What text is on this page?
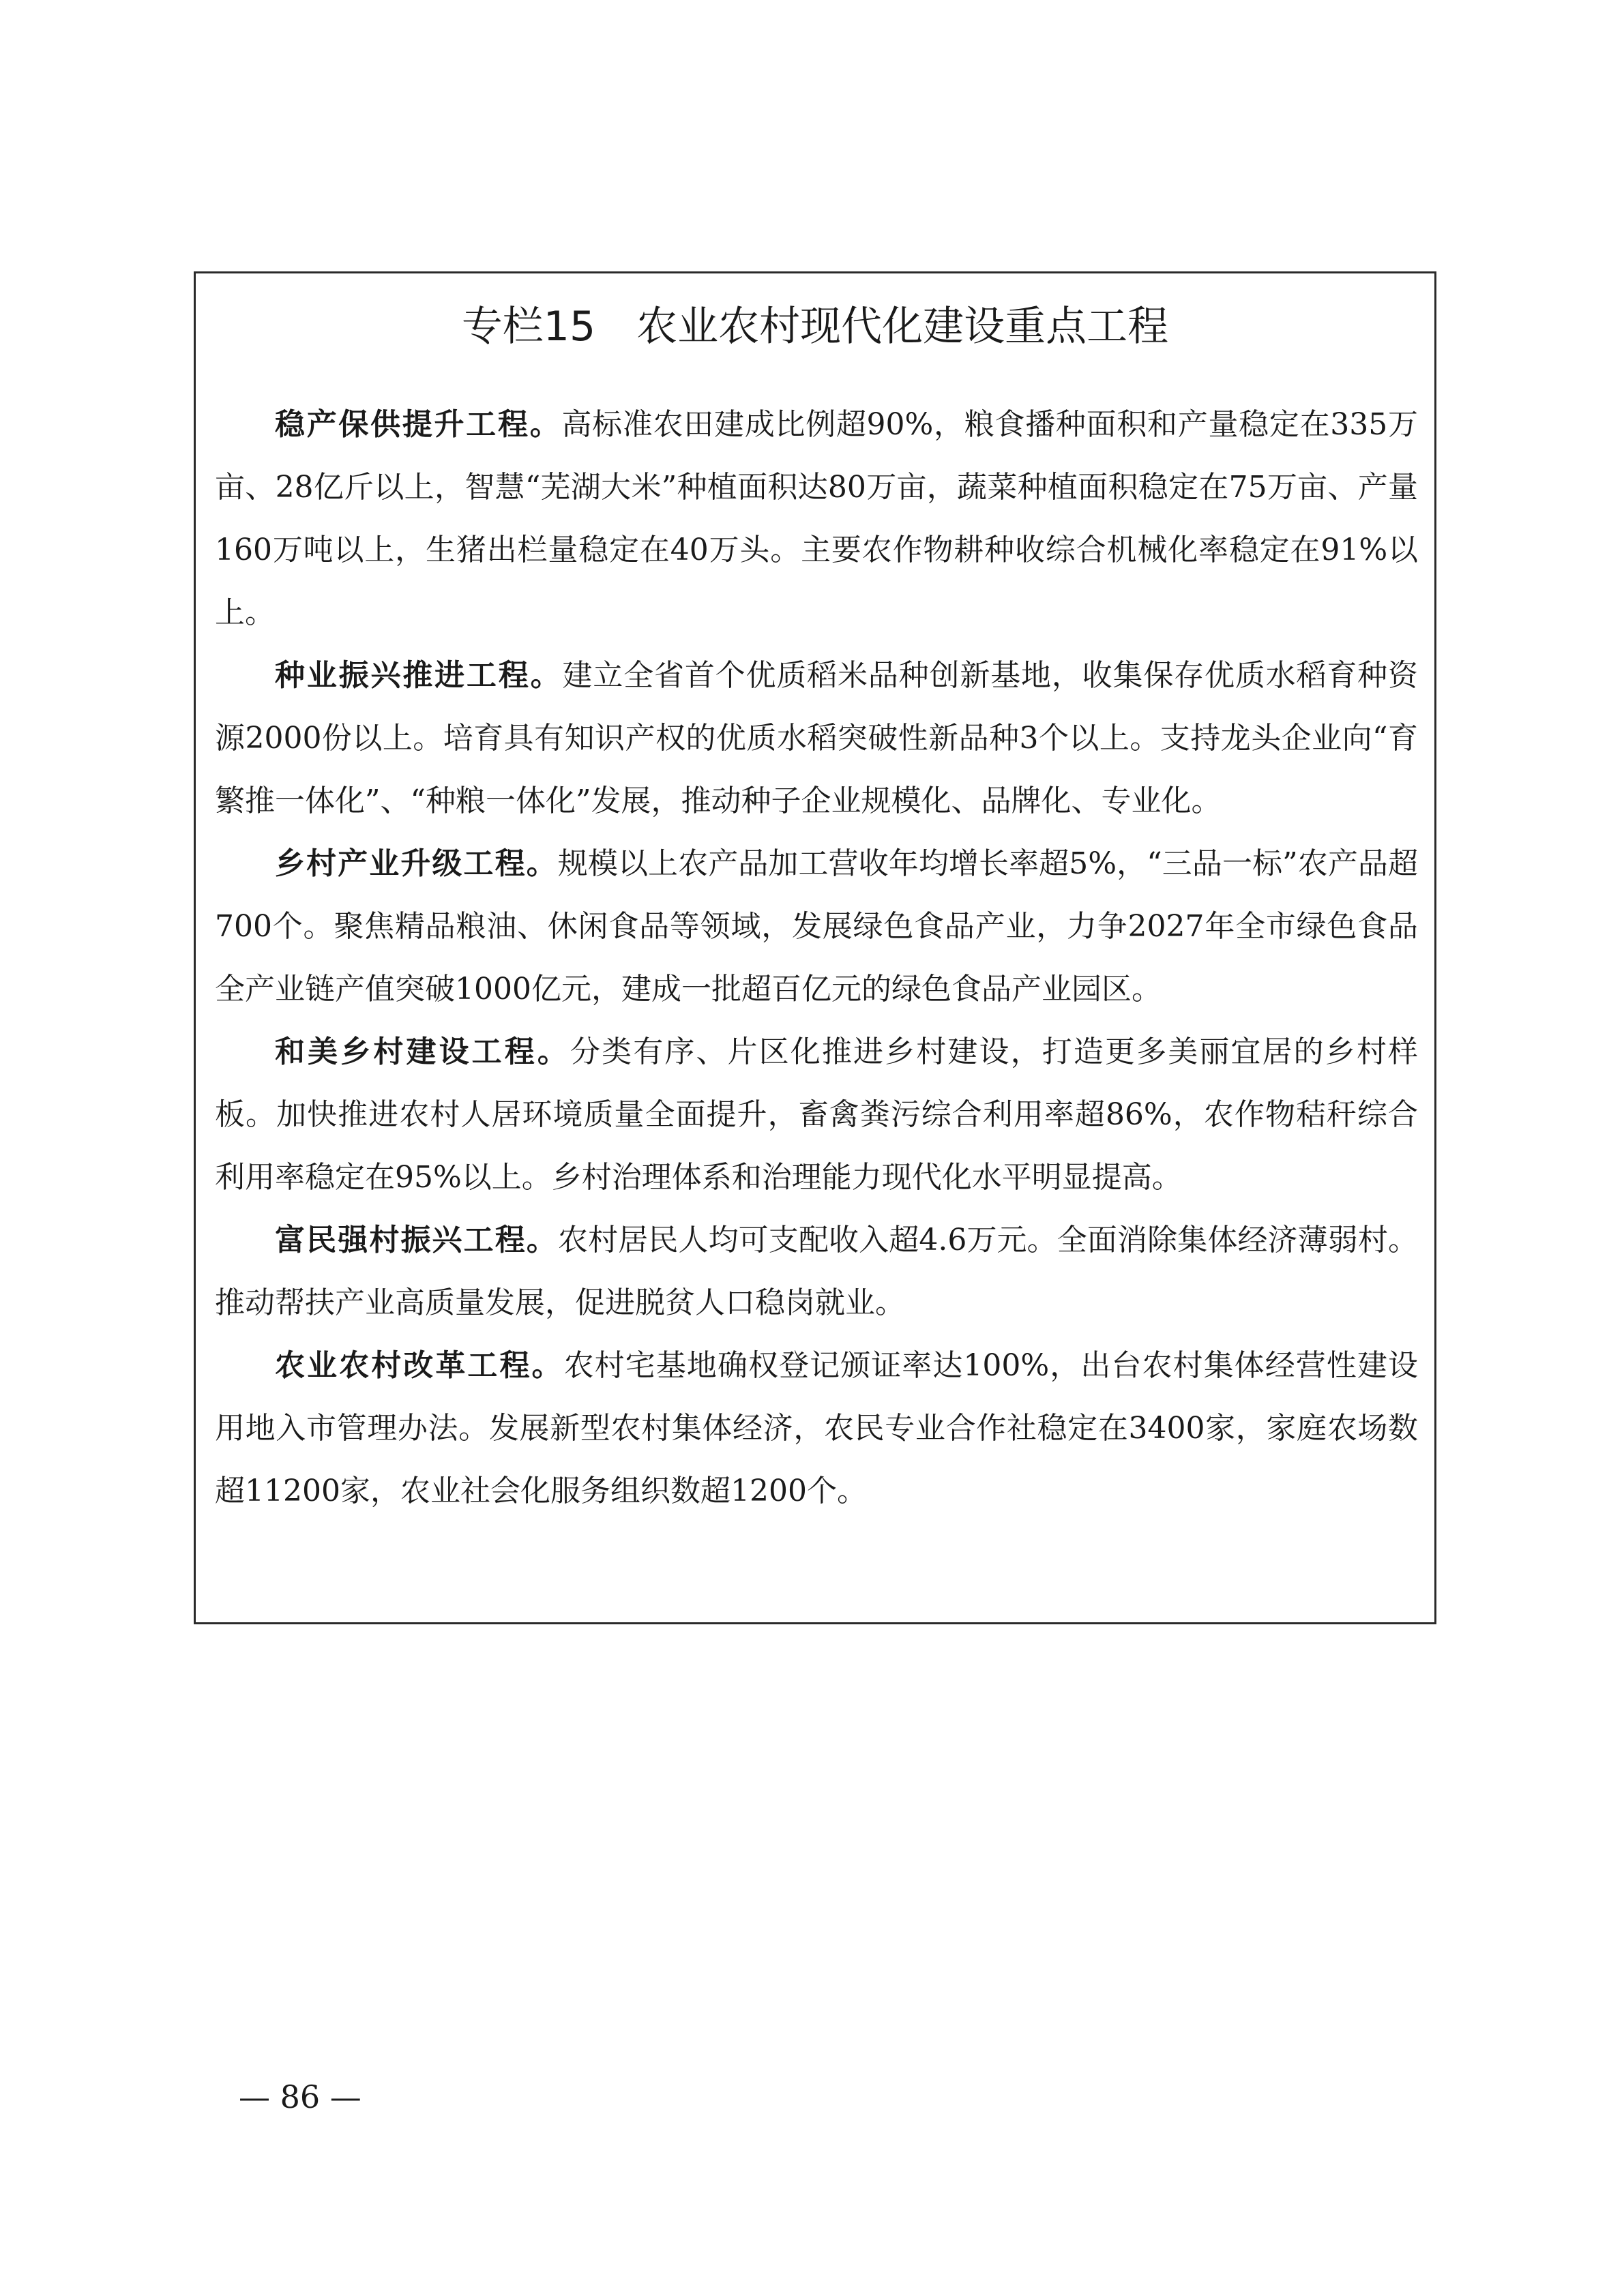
专栏15 农业农村现代化建设重点工程

稳产保供提升工程。高标准农田建成比例超90%，粮食播种面积和产量稳定在335万亩、28亿斤以上，智慧“芜湖大米”种植面积达80万亩，蔬菜种植面积稳定在75万亩、产量160万吨以上，生猪出栏量稳定在40万头。主要农作物耕种收综合机械化率稳定在91%以上。

种业振兴推进工程。建立全省首个优质稻米品种创新基地，收集保存优质水稻育种资源2000份以上。培育具有知识产权的优质水稻突破性新品种3个以上。支持龙头企业向“育繁推一体化”、“种粮一体化”发展，推动种子企业规模化、品牌化、专业化。

乡村产业升级工程。规模以上农产品加工营收年均增长率超5%，“三品一标”农产品超700个。聚焦精品粮油、休闲食品等领域，发展绿色食品产业，力争2027年全市绿色食品全产业链产值突破1000亿元，建成一批超百亿元的绿色食品产业园区。

和美乡村建设工程。分类有序、片区化推进乡村建设，打造更多美丽宜居的乡村样板。加快推进农村人居环境质量全面提升，畜禽粪污综合利用率超86%，农作物秸秆综合利用率稳定在95%以上。乡村治理体系和治理能力现代化水平明显提高。

富民强村振兴工程。农村居民人均可支配收入超4.6万元。全面消除集体经济薄弱村。推动帮扶产业高质量发展，促进脱贫人口稳岗就业。

农业农村改革工程。农村宅基地确权登记颁证率达100%，出台农村集体经营性建设用地入市管理办法。发展新型农村集体经济，农民专业合作社稳定在3400家，家庭农场数超11200家，农业社会化服务组织数超1200个。

— 86 —
